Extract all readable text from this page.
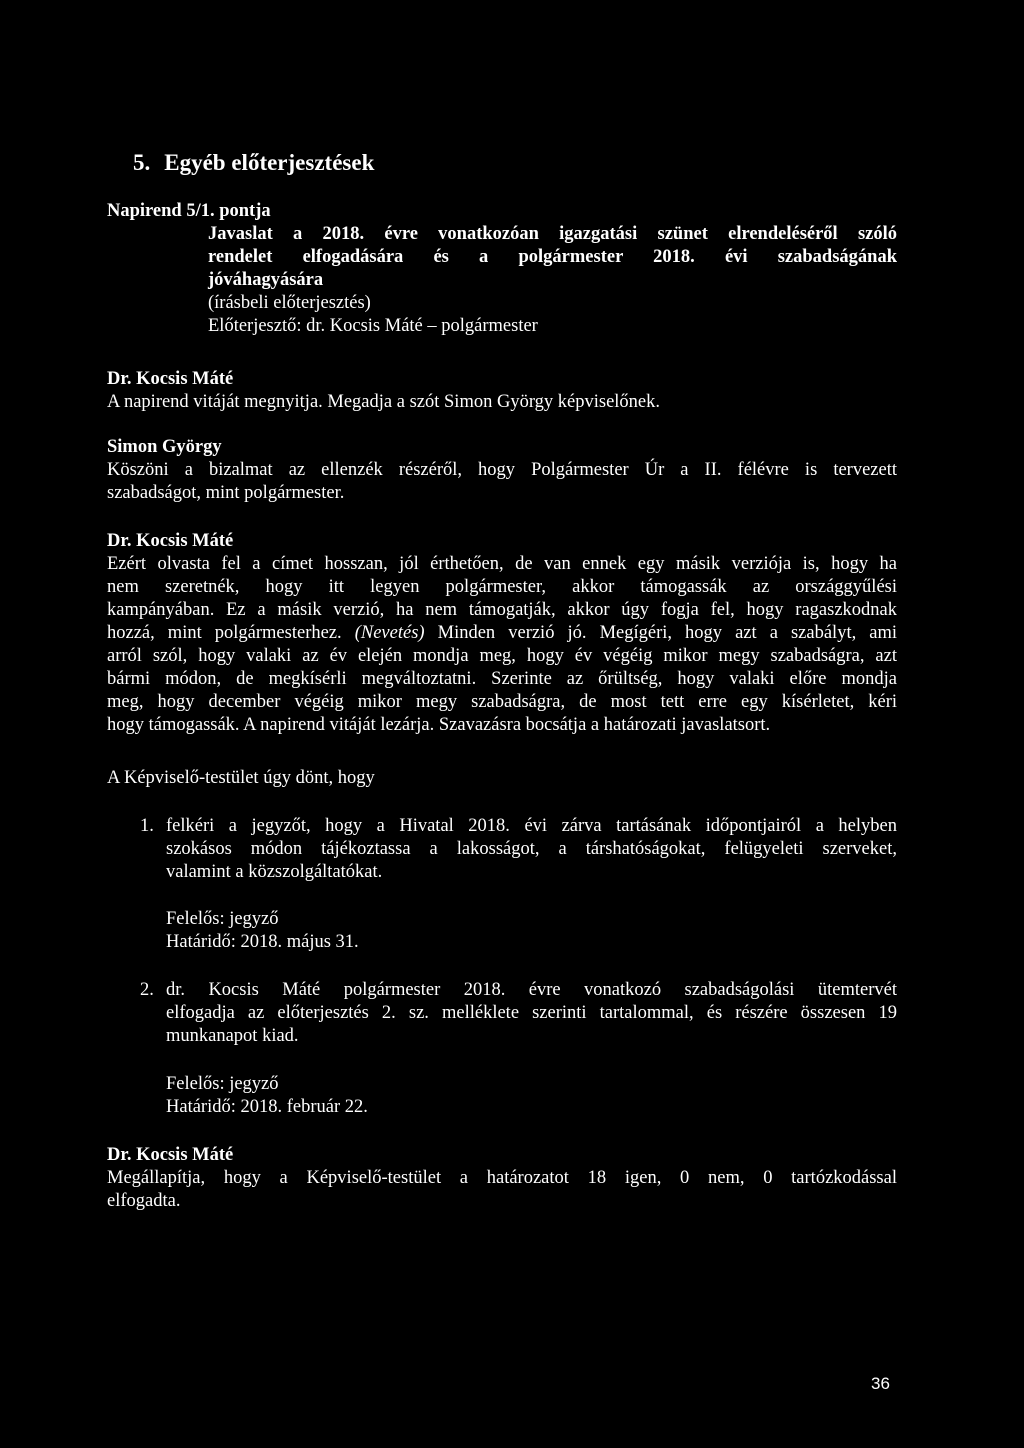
5. Egyéb előterjesztések

Napirend 5/1. pontja

Javaslat a 2018. évre vonatkozóan igazgatási szünet elrendeléséről szóló
rendelet elfogadására és a polgármester 2018. évi szabadságának
jóváhagyására

(írásbeli előterjesztés)

Előterjesztő: dr. Kocsis Máté – polgármester

Dr. Kocsis Máté

A napirend vitáját megnyitja. Megadja a szót Simon György képviselőnek.

Simon György

Köszöni a bizalmat az ellenzék részéről, hogy Polgármester Úr a II. félévre is tervezett
szabadságot, mint polgármester.

Dr. Kocsis Máté

Ezért olvasta fel a címet hosszan, jól érthetően, de van ennek egy másik verziója is, hogy ha
nem szeretnék, hogy itt legyen polgármester, akkor támogassák az országgyűlési
kampányában. Ez a másik verzió, ha nem támogatják, akkor úgy fogja fel, hogy ragaszkodnak
hozzá, mint polgármesterhez. (Nevetés) Minden verzió jó. Megígéri, hogy azt a szabályt, ami
arról szól, hogy valaki az év elején mondja meg, hogy év végéig mikor megy szabadságra, azt
bármi módon, de megkísérli megváltoztatni. Szerinte az őrültség, hogy valaki előre mondja
meg, hogy december végéig mikor megy szabadságra, de most tett erre egy kísérletet, kéri
hogy támogassák. A napirend vitáját lezárja. Szavazásra bocsátja a határozati javaslatsort.

A Képviselő-testület úgy dönt, hogy

1. felkéri a jegyzőt, hogy a Hivatal 2018. évi zárva tartásának időpontjairól a helyben
szokásos módon tájékoztassa a lakosságot, a társhatóságokat, felügyeleti szerveket,
valamint a közszolgáltatókat.

Felelős: jegyző

Határidő: 2018. május 31.

2. dr. Kocsis Máté polgármester 2018. évre vonatkozó szabadságolási ütemtervét
elfogadja az előterjesztés 2. sz. melléklete szerinti tartalommal, és részére összesen 19
munkanapot kiad.

Felelős: jegyző

Határidő: 2018. február 22.

Dr. Kocsis Máté

Megállapítja, hogy a Képviselő-testület a határozatot 18 igen, 0 nem, 0 tartózkodással
elfogadta.
36
